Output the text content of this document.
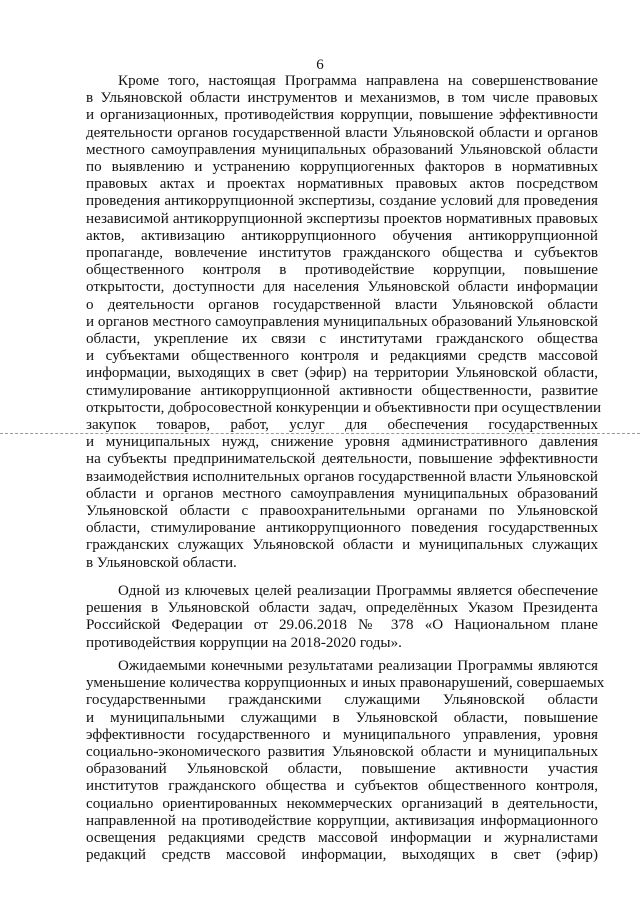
6
Кроме того, настоящая Программа направлена на совершенствование
в Ульяновской области инструментов и механизмов, в том числе правовых
и организационных, противодействия коррупции, повышение эффективности
деятельности органов государственной власти Ульяновской области и органов
местного самоуправления муниципальных образований Ульяновской области
по выявлению и устранению коррупциогенных факторов в нормативных
правовых актах и проектах нормативных правовых актов посредством
проведения антикоррупционной экспертизы, создание условий для проведения
независимой антикоррупционной экспертизы проектов нормативных правовых
актов, активизацию антикоррупционного обучения антикоррупционной
пропаганде, вовлечение институтов гражданского общества и субъектов
общественного контроля в противодействие коррупции, повышение
открытости, доступности для населения Ульяновской области информации
о деятельности органов государственной власти Ульяновской области
и органов местного самоуправления муниципальных образований Ульяновской
области, укрепление их связи с институтами гражданского общества
и субъектами общественного контроля и редакциями средств массовой
информации, выходящих в свет (эфир) на территории Ульяновской области,
стимулирование антикоррупционной активности общественности, развитие
открытости, добросовестной конкуренции и объективности при осуществлении
закупок товаров, работ, услуг для обеспечения государственных
и муниципальных нужд, снижение уровня административного давления
на субъекты предпринимательской деятельности, повышение эффективности
взаимодействия исполнительных органов государственной власти Ульяновской
области и органов местного самоуправления муниципальных образований
Ульяновской области с правоохранительными органами по Ульяновской
области, стимулирование антикоррупционного поведения государственных
гражданских служащих Ульяновской области и муниципальных служащих
в Ульяновской области.
Одной из ключевых целей реализации Программы является обеспечение
решения в Ульяновской области задач, определённых Указом Президента
Российской Федерации от 29.06.2018 № 378 «О Национальном плане
противодействия коррупции на 2018-2020 годы».
Ожидаемыми конечными результатами реализации Программы являются
уменьшение количества коррупционных и иных правонарушений, совершаемых
государственными гражданскими служащими Ульяновской области
и муниципальными служащими в Ульяновской области, повышение
эффективности государственного и муниципального управления, уровня
социально-экономического развития Ульяновской области и муниципальных
образований Ульяновской области, повышение активности участия
институтов гражданского общества и субъектов общественного контроля,
социально ориентированных некоммерческих организаций в деятельности,
направленной на противодействие коррупции, активизация информационного
освещения редакциями средств массовой информации и журналистами
редакций средств массовой информации, выходящих в свет (эфир)
